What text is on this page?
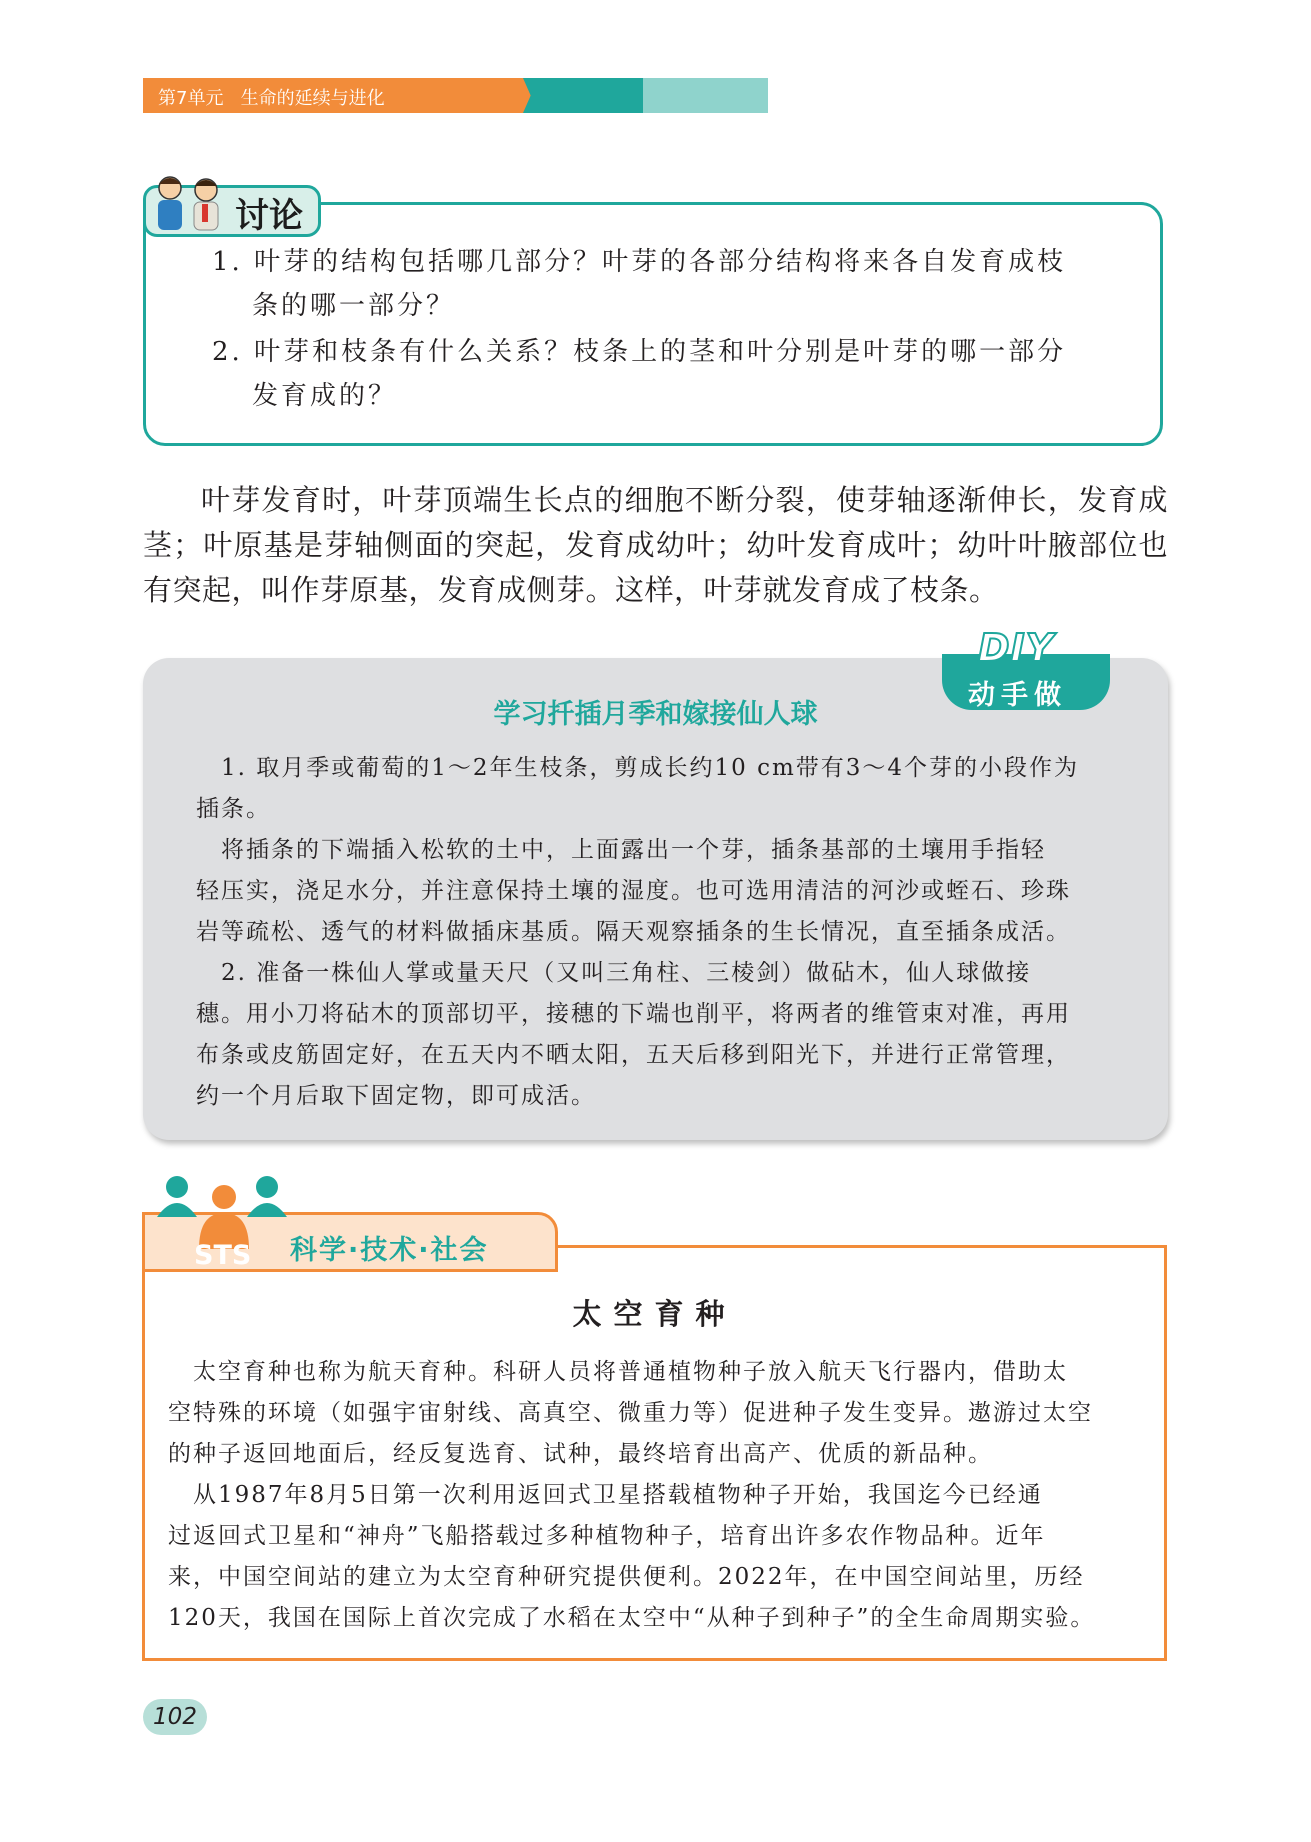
第7单元 生命的延续与进化
讨论
1. 叶芽的结构包括哪几部分？叶芽的各部分结构将来各自发育成枝
条的哪一部分？
2. 叶芽和枝条有什么关系？枝条上的茎和叶分别是叶芽的哪一部分
发育成的？

叶芽发育时，叶芽顶端生长点的细胞不断分裂，使芽轴逐渐伸长，发育成茎；叶原基是芽轴侧面的突起，发育成幼叶；幼叶发育成叶；幼叶叶腋部位也有突起，叫作芽原基，发育成侧芽。这样，叶芽就发育成了枝条。

DIY
动手做
学习扦插月季和嫁接仙人球
　1. 取月季或葡萄的1～2年生枝条，剪成长约10 cm带有3～4个芽的小段作为
插条。
　将插条的下端插入松软的土中，上面露出一个芽，插条基部的土壤用手指轻
轻压实，浇足水分，并注意保持土壤的湿度。也可选用清洁的河沙或蛭石、珍珠
岩等疏松、透气的材料做插床基质。隔天观察插条的生长情况，直至插条成活。
　2. 准备一株仙人掌或量天尺（又叫三角柱、三棱剑）做砧木，仙人球做接
穗。用小刀将砧木的顶部切平，接穗的下端也削平，将两者的维管束对准，再用
布条或皮筋固定好，在五天内不晒太阳，五天后移到阳光下，并进行正常管理，
约一个月后取下固定物，即可成活。
STS 科学·技术·社会
太空育种
　太空育种也称为航天育种。科研人员将普通植物种子放入航天飞行器内，借助太
空特殊的环境（如强宇宙射线、高真空、微重力等）促进种子发生变异。遨游过太空
的种子返回地面后，经反复选育、试种，最终培育出高产、优质的新品种。
　从1987年8月5日第一次利用返回式卫星搭载植物种子开始，我国迄今已经通
过返回式卫星和“神舟”飞船搭载过多种植物种子，培育出许多农作物品种。近年
来，中国空间站的建立为太空育种研究提供便利。2022年，在中国空间站里，历经
120天，我国在国际上首次完成了水稻在太空中“从种子到种子”的全生命周期实验。
102
